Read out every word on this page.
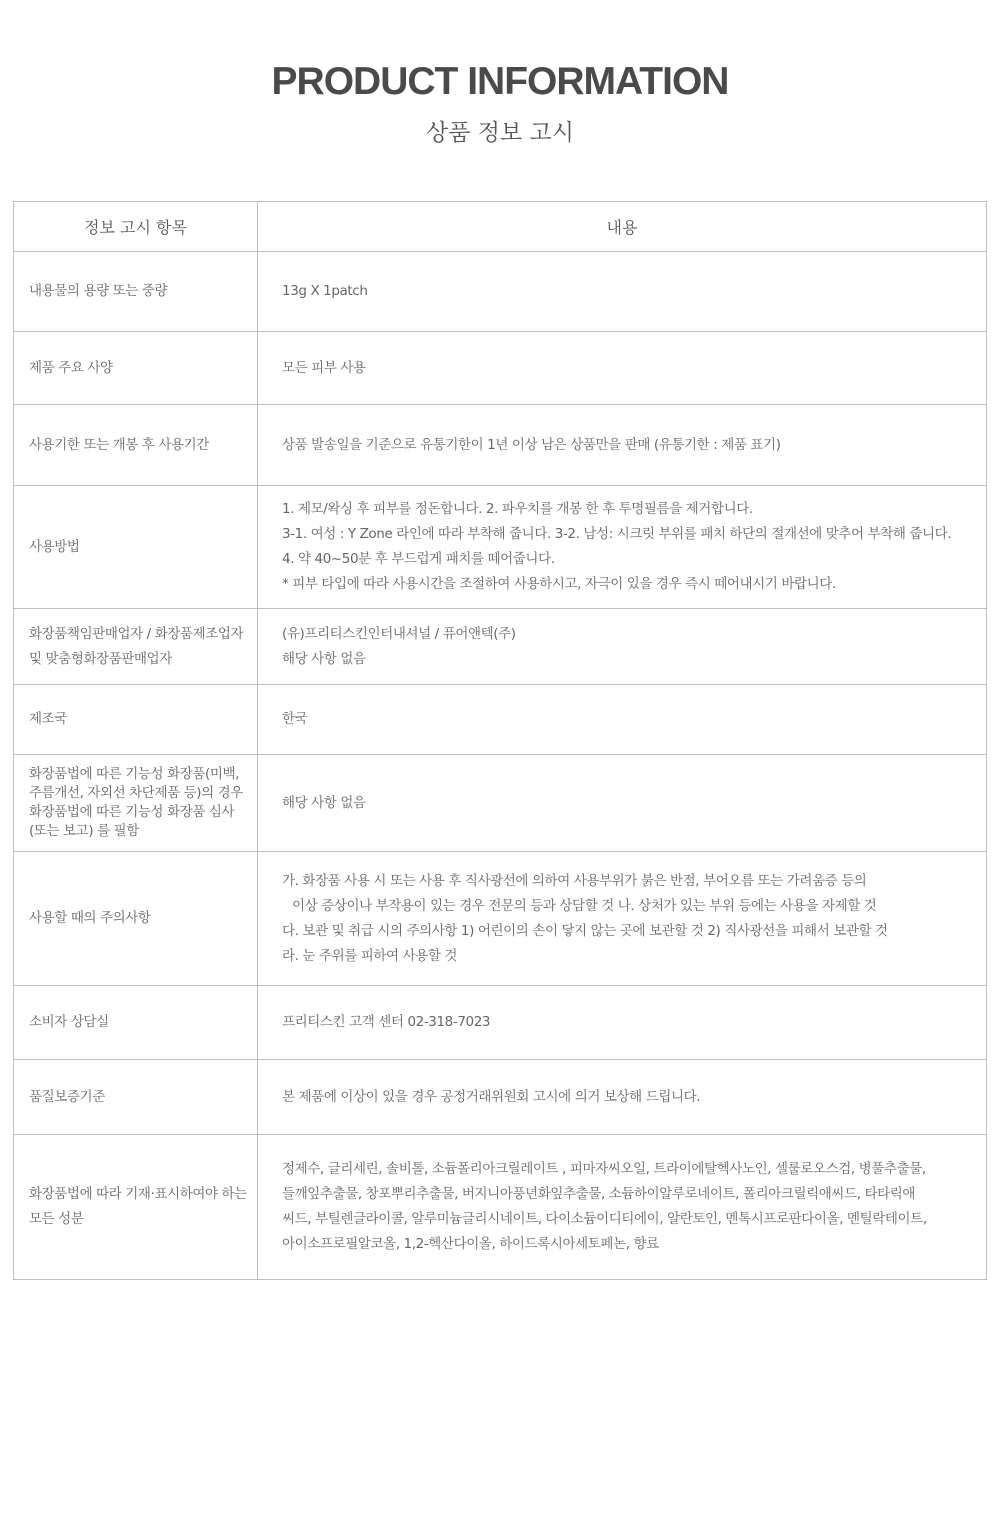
PRODUCT INFORMATION
상품 정보 고시
정보 고시 항목	내용

내용물의 용량 또는 중량	13g X 1patch

제품 주요 사양	모든 피부 사용

사용기한 또는 개봉 후 사용기간	상품 발송일을 기준으로 유통기한이 1년 이상 남은 상품만을 판매 (유통기한 : 제품 표기)

사용방법	1. 제모/왁싱 후 피부를 정돈합니다. 2. 파우치를 개봉 한 후 투명필름을 제거합니다.
3-1. 여성 : Y Zone 라인에 따라 부착해 줍니다. 3-2. 남성: 시크릿 부위를 패치 하단의 절개선에 맞추어 부착해 줍니다.
4. 약 40~50분 후 부드럽게 패치를 떼어줍니다.
* 피부 타입에 따라 사용시간을 조절하여 사용하시고, 자극이 있을 경우 즉시 떼어내시기 바랍니다.

화장품책임판매업자 / 화장품제조업자
및 맞춤형화장품판매업자	(유)프리티스킨인터내셔널 / 퓨어앤텍(주)
해당 사항 없음

제조국	한국

화장품법에 따른 기능성 화장품(미백,
주름개선, 자외선 차단제품 등)의 경우
화장품법에 따른 기능성 화장품 심사
(또는 보고) 를 필함	해당 사항 없음

사용할 때의 주의사항	가. 화장품 사용 시 또는 사용 후 직사광선에 의하여 사용부위가 붉은 반점, 부어오름 또는 가려움증 등의
이상 증상이나 부작용이 있는 경우 전문의 등과 상담할 것 나. 상처가 있는 부위 등에는 사용을 자제할 것
다. 보관 및 취급 시의 주의사항 1) 어린이의 손이 닿지 않는 곳에 보관할 것 2) 직사광선을 피해서 보관할 것
라. 눈 주위를 피하여 사용할 것

소비자 상담실	프리티스킨 고객 센터 02-318-7023

품질보증기준	본 제품에 이상이 있을 경우 공정거래위원회 고시에 의거 보상해 드립니다.

화장품법에 따라 기재·표시하여야 하는
모든 성분	정제수, 글리세린, 솔비톨, 소듐폴리아크릴레이트 , 피마자씨오일, 트라이에탈헥사노인, 셀룰로오스검, 병풀추출물,
들깨잎추출물, 창포뿌리추출물, 버지니아풍년화잎추출물, 소듐하이알루로네이트, 폴리아크릴릭애씨드, 타타릭애
씨드, 부틸렌글라이콜, 알루미늄글리시네이트, 다이소듐이디티에이, 알란토인, 멘톡시프로판다이올, 멘틸락테이트,
아이소프로필알코올, 1,2-헥산다이올, 하이드록시아세토페논, 향료
